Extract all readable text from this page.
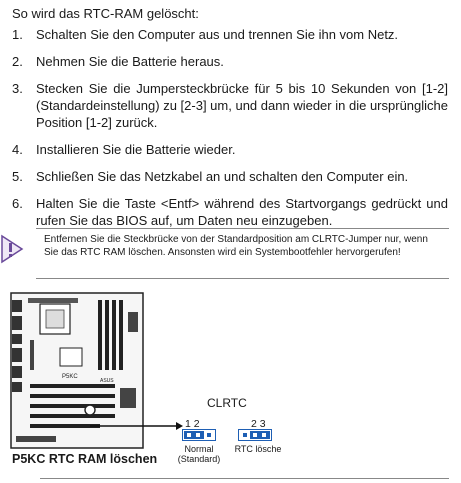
So wird das RTC-RAM gelöscht:
1.	Schalten Sie den Computer aus und trennen Sie ihn vom Netz.
2.	Nehmen Sie die Batterie heraus.
3.	Stecken Sie die Jumpersteckbrücke für 5 bis 10 Sekunden von [1-2] (Standardeinstellung) zu [2-3] um, und dann wieder in die ursprüngliche Position [1-2] zurück.
4.	Installieren Sie die Batterie wieder.
5.	Schließen Sie das Netzkabel an und schalten den Computer ein.
6.	Halten Sie die Taste <Entf> während des Startvorgangs gedrückt und rufen Sie das BIOS auf, um Daten neu einzugeben.
Entfernen Sie die Steckbrücke von der Standardposition am CLRTC-Jumper nur, wenn Sie das RTC RAM löschen. Ansonsten wird ein Systembootfehler hervorgerufen!
P5KC
ASUS
P5KC RTC RAM löschen
CLRTC
1 2
Normal
(Standard)
2 3
RTC lösche
